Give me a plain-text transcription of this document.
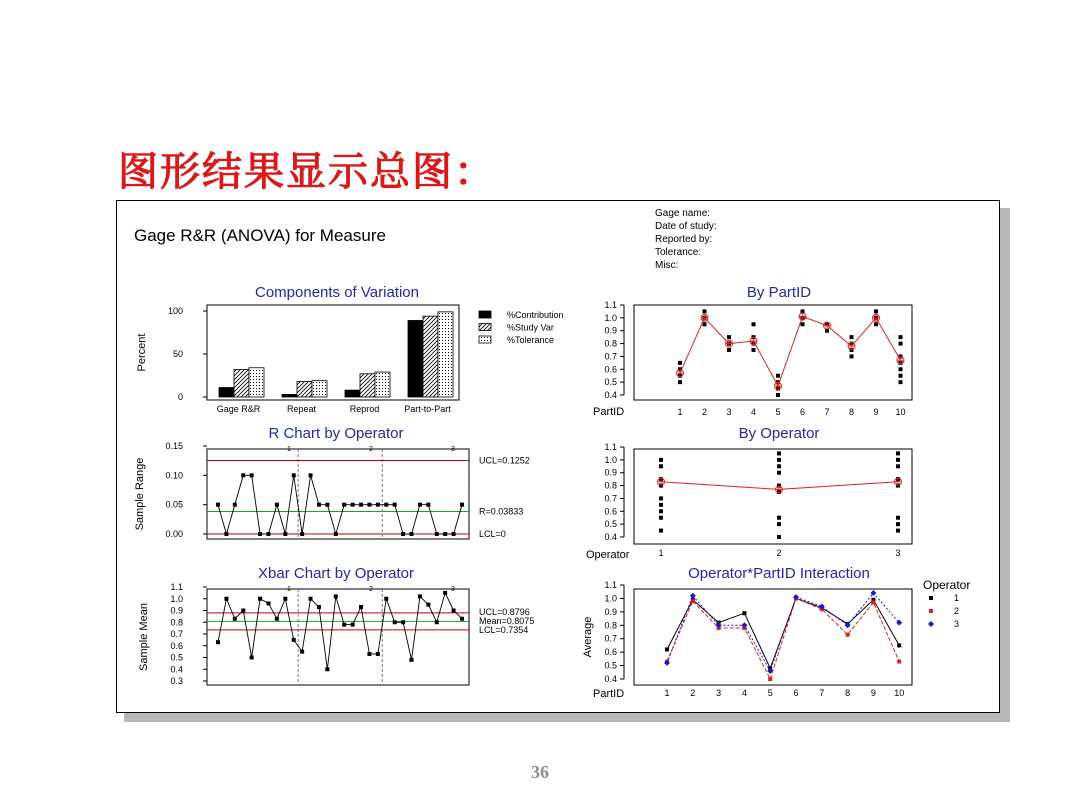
图形结果显示总图：
Gage R&R (ANOVA) for Measure
Gage name:
Date of study:
Reported by:
Tolerance:
Misc:
Components of Variation
Percent
0
50
100
Gage R&R	Repeat	Reprod	Part-to-Part
%Contribution
%Study Var
%Tolerance
By PartID
0.4
0.5
0.6
0.7
0.8
0.9
1.0
1.1
PartID	1 2 3 4 5 6 7 8 9 10
R Chart by Operator
Sample Range
0.00
0.05
0.10
0.15	1	2	3
UCL=0.1252
R=0.03833
LCL=0
By Operator
0.4
0.5
0.6
0.7
0.8
0.9
1.0
1.1
Operator	1	2	3
Xbar Chart by Operator
Sample Mean
0.3
0.4
0.5
0.6
0.7
0.8
0.9
1.0
1.1	1	2	3
UCL=0.8796
Mean=0.8075
LCL=0.7354
Operator*PartID Interaction
Average
0.4
0.5
0.6
0.7
0.8
0.9
1.0
1.1
PartID	1 2 3 4 5 6 7 8 9 10
Operator
1
2
3
36
